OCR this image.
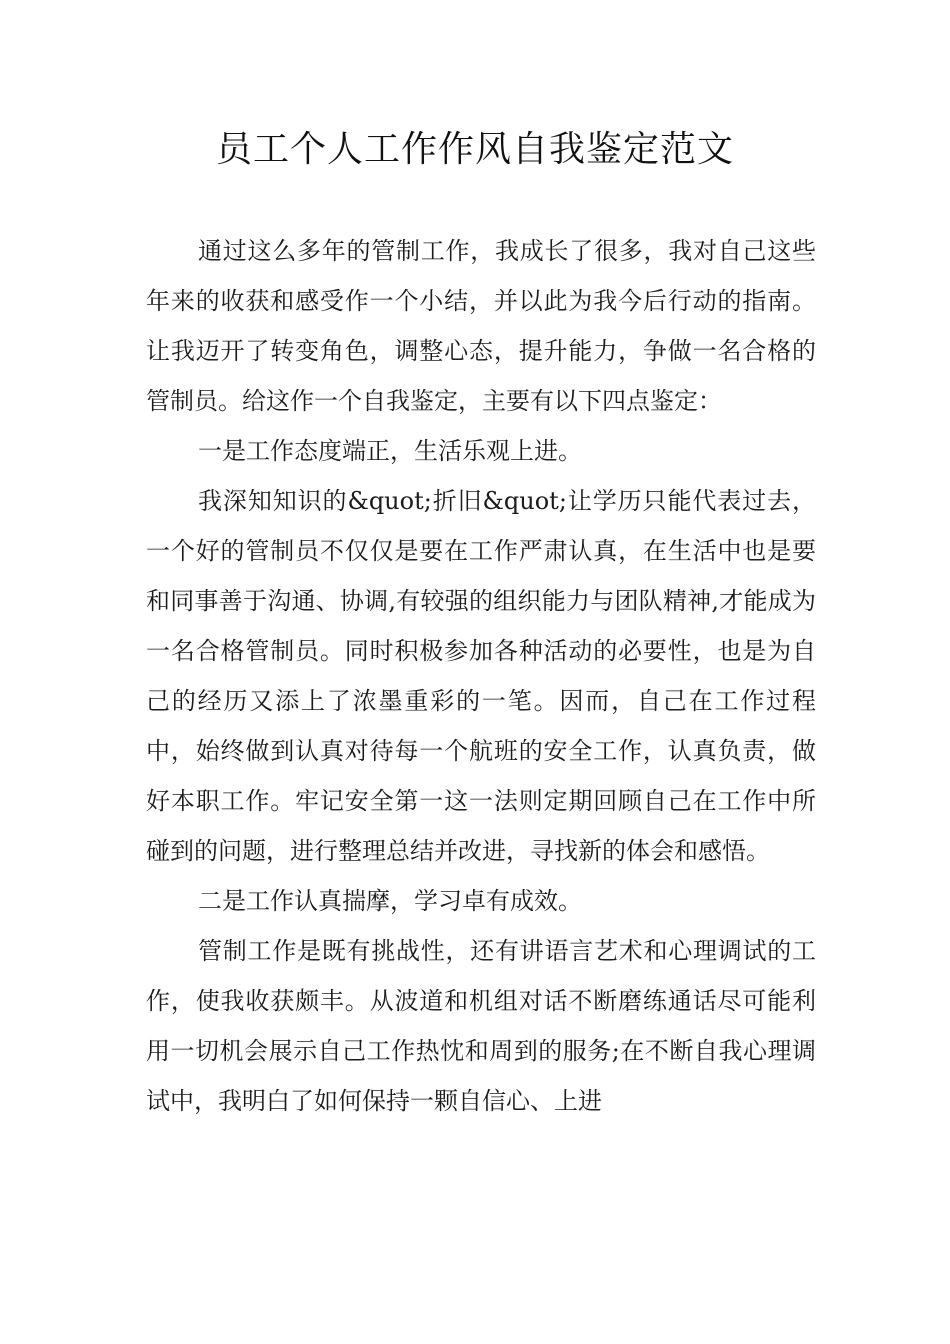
员工个人工作作风自我鉴定范文

通过这么多年的管制工作，我成长了很多，我对自己这些年来的收获和感受作一个小结，并以此为我今后行动的指南。让我迈开了转变角色，调整心态，提升能力，争做一名合格的管制员。给这作一个自我鉴定，主要有以下四点鉴定：

一是工作态度端正，生活乐观上进。

我深知知识的&quot;折旧&quot;让学历只能代表过去，一个好的管制员不仅仅是要在工作严肃认真，在生活中也是要和同事善于沟通、协调,有较强的组织能力与团队精神,才能成为一名合格管制员。同时积极参加各种活动的必要性，也是为自己的经历又添上了浓墨重彩的一笔。因而，自己在工作过程中，始终做到认真对待每一个航班的安全工作，认真负责，做好本职工作。牢记安全第一这一法则定期回顾自己在工作中所碰到的问题，进行整理总结并改进，寻找新的体会和感悟。

二是工作认真揣摩，学习卓有成效。

管制工作是既有挑战性，还有讲语言艺术和心理调试的工作，使我收获颇丰。从波道和机组对话不断磨练通话尽可能利用一切机会展示自己工作热忱和周到的服务;在不断自我心理调试中，我明白了如何保持一颗自信心、上进
